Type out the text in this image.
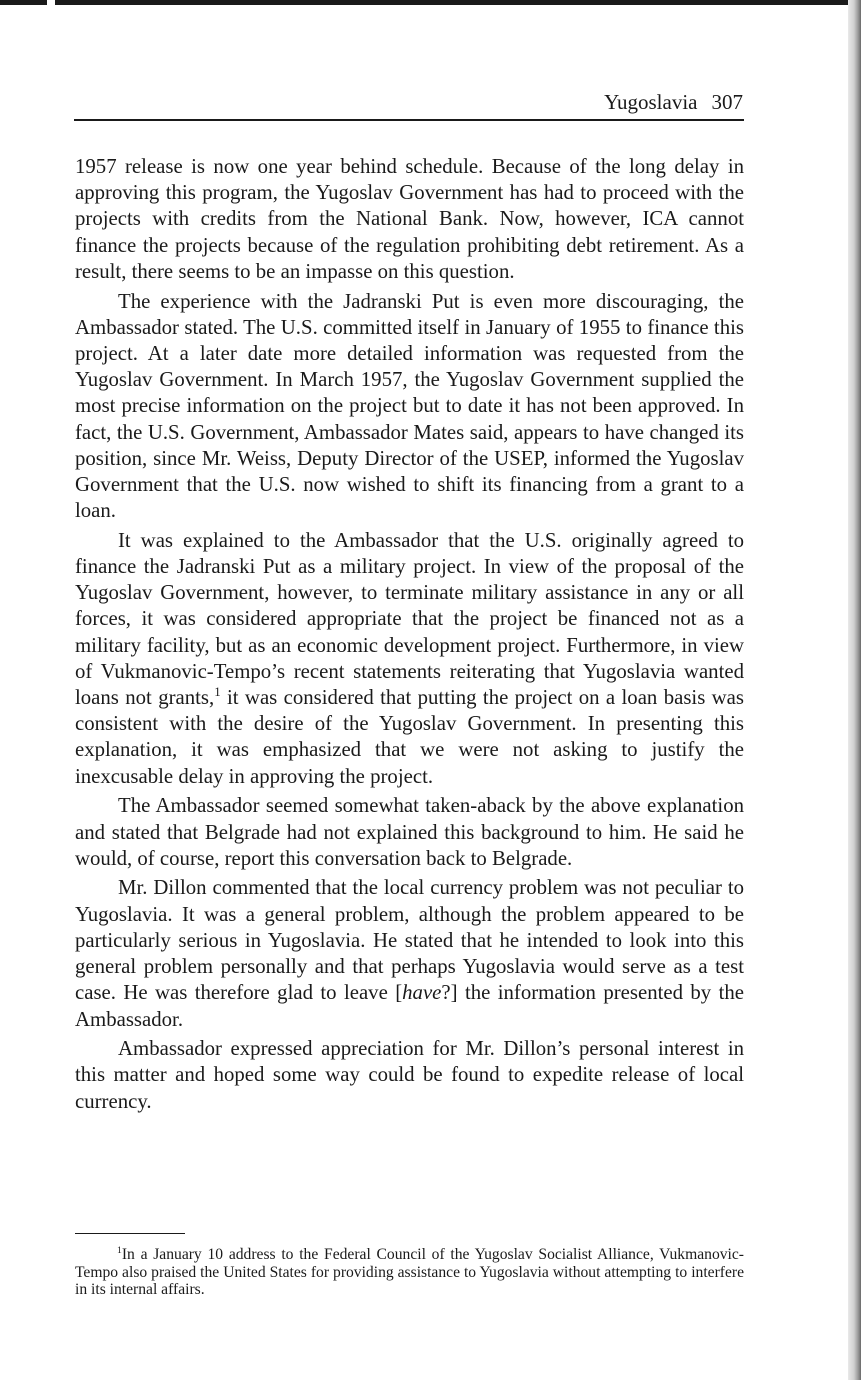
Yugoslavia 307

1957 release is now one year behind schedule. Because of the long delay in approving this program, the Yugoslav Government has had to proceed with the projects with credits from the National Bank. Now, however, ICA cannot finance the projects because of the regulation prohibiting debt retirement. As a result, there seems to be an impasse on this question.

The experience with the Jadranski Put is even more discouraging, the Ambassador stated. The U.S. committed itself in January of 1955 to finance this project. At a later date more detailed information was requested from the Yugoslav Government. In March 1957, the Yugoslav Government supplied the most precise information on the project but to date it has not been approved. In fact, the U.S. Government, Ambassador Mates said, appears to have changed its position, since Mr. Weiss, Deputy Director of the USEP, informed the Yugoslav Government that the U.S. now wished to shift its financing from a grant to a loan.

It was explained to the Ambassador that the U.S. originally agreed to finance the Jadranski Put as a military project. In view of the proposal of the Yugoslav Government, however, to terminate military assistance in any or all forces, it was considered appropriate that the project be financed not as a military facility, but as an economic development project. Furthermore, in view of Vukmanovic-Tempo’s recent statements reiterating that Yugoslavia wanted loans not grants,$^1$ it was considered that putting the project on a loan basis was consistent with the desire of the Yugoslav Government. In presenting this explanation, it was emphasized that we were not asking to justify the inexcusable delay in approving the project.

The Ambassador seemed somewhat taken-aback by the above explanation and stated that Belgrade had not explained this background to him. He said he would, of course, report this conversation back to Belgrade.

Mr. Dillon commented that the local currency problem was not peculiar to Yugoslavia. It was a general problem, although the problem appeared to be particularly serious in Yugoslavia. He stated that he intended to look into this general problem personally and that perhaps Yugoslavia would serve as a test case. He was therefore glad to leave [have?] the information presented by the Ambassador.

Ambassador expressed appreciation for Mr. Dillon’s personal interest in this matter and hoped some way could be found to expedite release of local currency.

$^1$In a January 10 address to the Federal Council of the Yugoslav Socialist Alliance, Vukmanovic-Tempo also praised the United States for providing assistance to Yugoslavia without attempting to interfere in its internal affairs.
